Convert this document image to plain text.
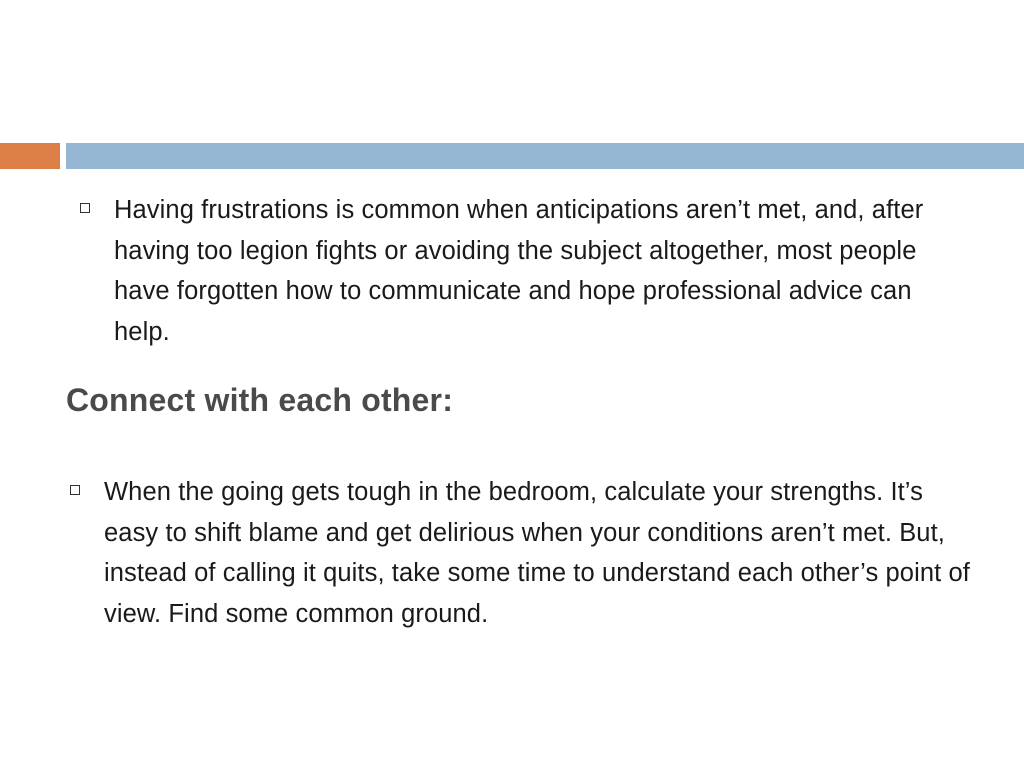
Having frustrations is common when anticipations aren’t met, and, after having too legion fights or avoiding the subject altogether, most people have forgotten how to communicate and hope professional advice can help.
Connect with each other:
When the going gets tough in the bedroom, calculate your strengths. It’s easy to shift blame and get delirious when your conditions aren’t met. But, instead of calling it quits, take some time to understand each other’s point of view. Find some common ground.
